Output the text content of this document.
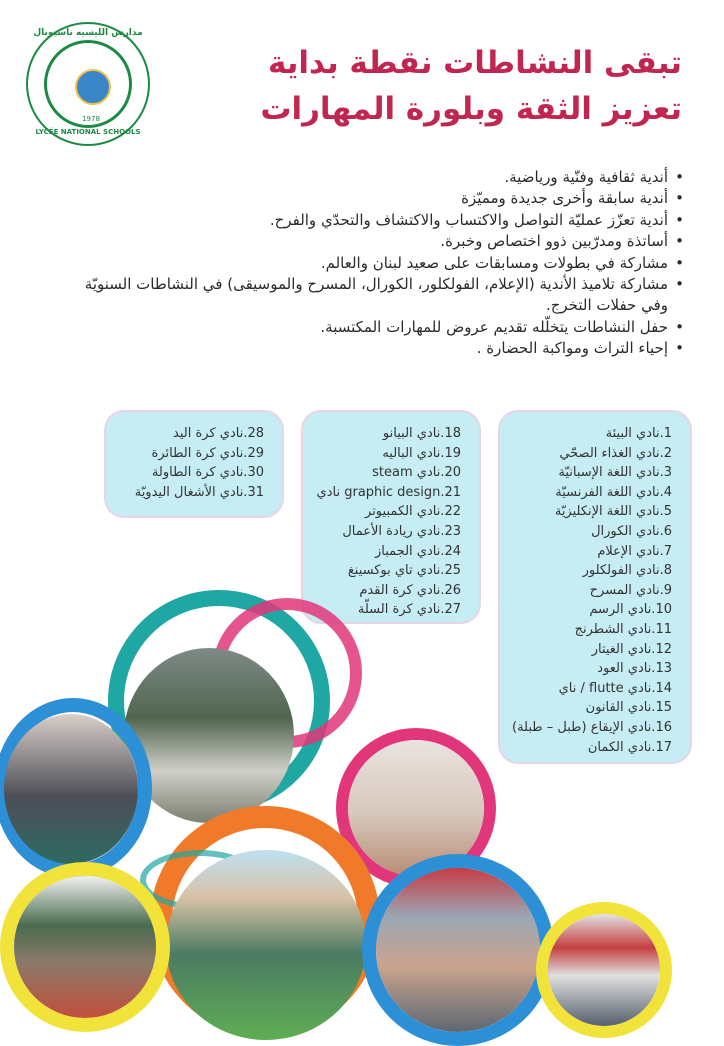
مدارس الليسيه ناسيونال
1978
LYCÉE NATIONAL SCHOOLS
تبقى النشاطات نقطة بداية
تعزيز الثقة وبلورة المهارات
• أندية ثقافية وفنّية ورياضية.
• أندية سابقة وأخرى جديدة ومميّزة
• أندية تعزّز عمليّة التواصل والاكتساب والاكتشاف والتحدّي والفرح.
• أساتذة ومدرّبين ذوو اختصاص وخبرة.
• مشاركة في بطولات ومسابقات على صعيد لبنان والعالم.
• مشاركة تلاميذ الأندية (الإعلام، الفولكلور، الكورال، المسرح والموسيقى) في النشاطات السنويّة وفي حفلات التخرج.
• حفل النشاطات يتخلّله تقديم عروض للمهارات المكتسبة.
• إحياء التراث ومواكبة الحضارة .
1.نادي البيئة
2.نادي الغذاء الصحّي
3.نادي اللغة الإسبانيّة
4.نادي اللغة الفرنسيّة
5.نادي اللغة الإنكليزيّة
6.نادي الكورال
7.نادي الإعلام
8.نادي الفولكلور
9.نادي المسرح
10.نادي الرسم
11.نادي الشطرنج
12.نادي الغيتار
13.نادي العود
14.نادي flutte / ناي
15.نادي القانون
16.نادي الإيقاع (طبل – طبلة)
17.نادي الكمان
18.نادي البيانو
19.نادي الباليه
20.نادي steam
21.graphic design نادي
22.نادي الكمبيوتر
23.نادي ريادة الأعمال
24.نادي الجمباز
25.نادي تاي بوكسينغ
26.نادي كرة القدم
27.نادي كرة السلّة
28.نادي كرة اليد
29.نادي كرة الطائرة
30.نادي كرة الطاولة
31.نادي الأشغال اليدويّة
